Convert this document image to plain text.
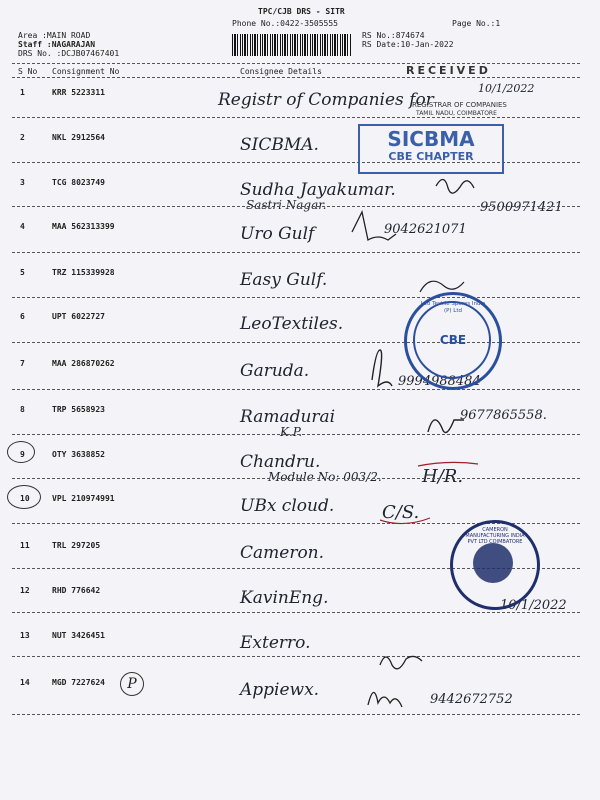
TPC/CJB DRS - SITR
Phone No.:0422-3505555	Page No.:1
Area :MAIN ROAD
Staff :NAGARAJAN
DRS No. :DCJB07467401
RS No.:874674
RS Date:10-Jan-2022
S No Consignment No	Consignee Details	RECEIVED
10/1/2022
REGISTRAR OF COMPANIES
TAMIL NADU, COIMBATORE
1	KRR 5223311	Registr of Companies for
2	NKL 2912564	SICBMA.
3	TCG 8023749	Sudha Jayakumar.
Sastri Nagar.	9500971421
4	MAA 562313399	Uro Gulf	9042621071
5	TRZ 115339928	Easy Gulf.
6	UPT 6022727	LeoTextiles.
7	MAA 286870262	Garuda.
9994988484
8	TRP 5658923	Ramadurai
K.P.
9677865558.
9	OTY 3638852	Chandru.
Module No: 003/2. H/R.
10	VPL 210974991	UBx cloud.	C/S.
11	TRL 297205	Cameron.
12	RHD 776642	KavinEng.	10/1/2022
13	NUT 3426451	Exterro.
14	MGD 7227624	Appiewx.	9442672752
SICBMA
CBE CHAPTER
Leo Textile Spares India (P) Ltd
CBE
CAMERON MANUFACTURING INDIA PVT LTD COIMBATORE
P
